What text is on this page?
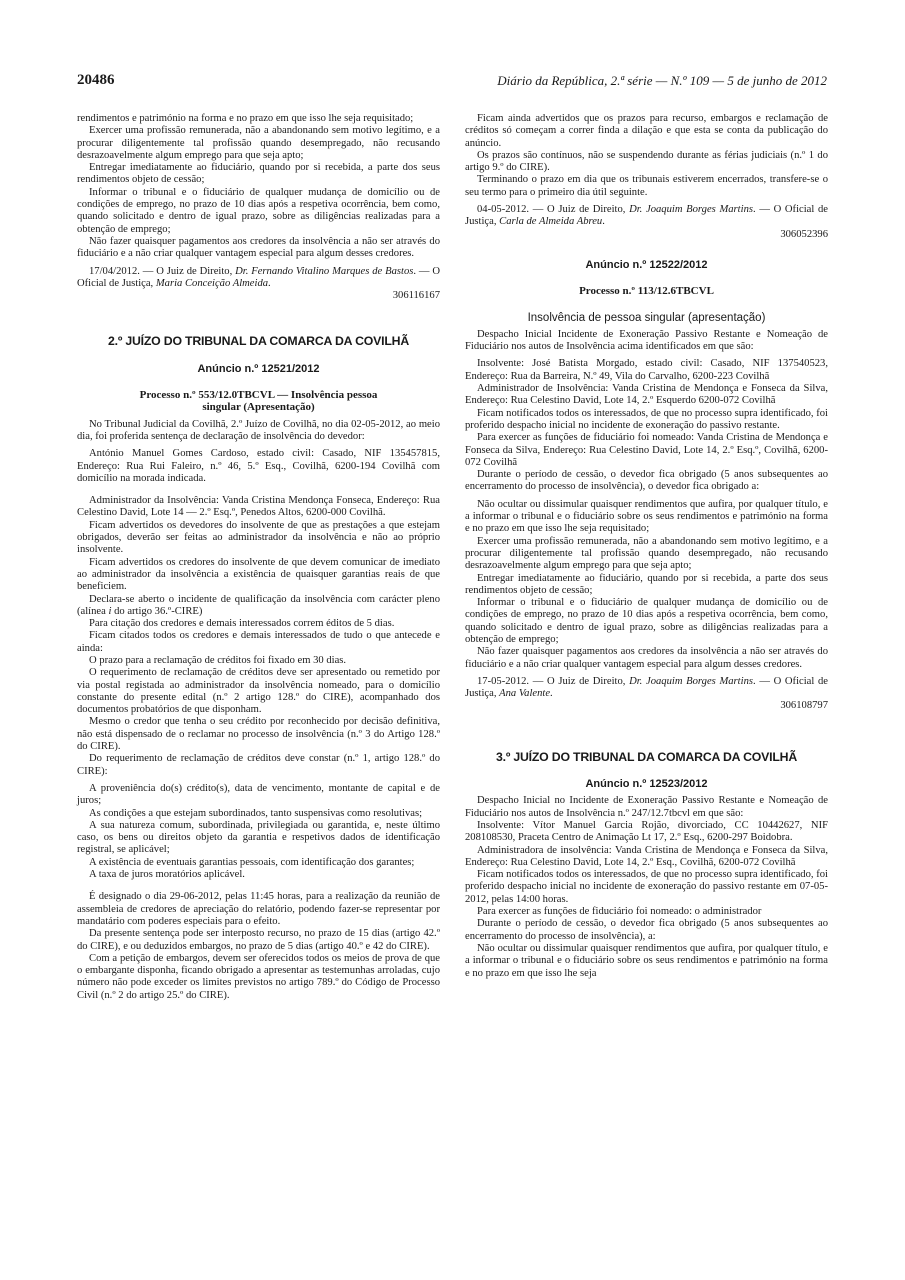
20486	Diário da República, 2.ª série — N.º 109 — 5 de junho de 2012

rendimentos e património na forma e no prazo em que isso lhe seja requisitado;

Exercer uma profissão remunerada, não a abandonando sem motivo legítimo, e a procurar diligentemente tal profissão quando desempregado, não recusando desrazoavelmente algum emprego para que seja apto;

Entregar imediatamente ao fiduciário, quando por si recebida, a parte dos seus rendimentos objeto de cessão;

Informar o tribunal e o fiduciário de qualquer mudança de domicílio ou de condições de emprego, no prazo de 10 dias após a respetiva ocorrência, bem como, quando solicitado e dentro de igual prazo, sobre as diligências realizadas para a obtenção de emprego;

Não fazer quaisquer pagamentos aos credores da insolvência a não ser através do fiduciário e a não criar qualquer vantagem especial para algum desses credores.

17/04/2012. — O Juiz de Direito, Dr. Fernando Vitalino Marques de Bastos. — O Oficial de Justiça, Maria Conceição Almeida.

306116167

2.º JUÍZO DO TRIBUNAL DA COMARCA DA COVILHÃ

Anúncio n.º 12521/2012

Processo n.º 553/12.0TBCVL — Insolvência pessoa

singular (Apresentação)

No Tribunal Judicial da Covilhã, 2.º Juízo de Covilhã, no dia 02-05-2012, ao meio dia, foi proferida sentença de declaração de insolvência do devedor:

António Manuel Gomes Cardoso, estado civil: Casado, NIF 135457815, Endereço: Rua Rui Faleiro, n.º 46, 5.º Esq., Covilhã, 6200-194 Covilhã com domicílio na morada indicada.

Administrador da Insolvência: Vanda Cristina Mendonça Fonseca, Endereço: Rua Celestino David, Lote 14 — 2.º Esq.º, Penedos Altos, 6200-000 Covilhã.

Ficam advertidos os devedores do insolvente de que as prestações a que estejam obrigados, deverão ser feitas ao administrador da insolvência e não ao próprio insolvente.

Ficam advertidos os credores do insolvente de que devem comunicar de imediato ao administrador da insolvência a existência de quaisquer garantias reais de que beneficiem.

Declara-se aberto o incidente de qualificação da insolvência com carácter pleno (alínea i do artigo 36.º-CIRE)

Para citação dos credores e demais interessados correm éditos de 5 dias.

Ficam citados todos os credores e demais interessados de tudo o que antecede e ainda:

O prazo para a reclamação de créditos foi fixado em 30 dias.

O requerimento de reclamação de créditos deve ser apresentado ou remetido por via postal registada ao administrador da insolvência nomeado, para o domicílio constante do presente edital (n.º 2 artigo 128.º do CIRE), acompanhado dos documentos probatórios de que disponham.

Mesmo o credor que tenha o seu crédito por reconhecido por decisão definitiva, não está dispensado de o reclamar no processo de insolvência (n.º 3 do Artigo 128.º do CIRE).

Do requerimento de reclamação de créditos deve constar (n.º 1, artigo 128.º do CIRE):

A proveniência do(s) crédito(s), data de vencimento, montante de capital e de juros;

As condições a que estejam subordinados, tanto suspensivas como resolutivas;

A sua natureza comum, subordinada, privilegiada ou garantida, e, neste último caso, os bens ou direitos objeto da garantia e respetivos dados de identificação registral, se aplicável;

A existência de eventuais garantias pessoais, com identificação dos garantes;

A taxa de juros moratórios aplicável.

É designado o dia 29-06-2012, pelas 11:45 horas, para a realização da reunião de assembleia de credores de apreciação do relatório, podendo fazer-se representar por mandatário com poderes especiais para o efeito.

Da presente sentença pode ser interposto recurso, no prazo de 15 dias (artigo 42.º do CIRE), e ou deduzidos embargos, no prazo de 5 dias (artigo 40.º e 42 do CIRE).

Com a petição de embargos, devem ser oferecidos todos os meios de prova de que o embargante disponha, ficando obrigado a apresentar as testemunhas arroladas, cujo número não pode exceder os limites previstos no artigo 789.º do Código de Processo Civil (n.º 2 do artigo 25.º do CIRE).

Ficam ainda advertidos que os prazos para recurso, embargos e reclamação de créditos só começam a correr finda a dilação e que esta se conta da publicação do anúncio.

Os prazos são contínuos, não se suspendendo durante as férias judiciais (n.º 1 do artigo 9.º do CIRE).

Terminando o prazo em dia que os tribunais estiverem encerrados, transfere-se o seu termo para o primeiro dia útil seguinte.

04-05-2012. — O Juiz de Direito, Dr. Joaquim Borges Martins. — O Oficial de Justiça, Carla de Almeida Abreu.

306052396

Anúncio n.º 12522/2012

Processo n.º 113/12.6TBCVL

Insolvência de pessoa singular (apresentação)

Despacho Inicial Incidente de Exoneração Passivo Restante e Nomeação de Fiduciário nos autos de Insolvência acima identificados em que são:

Insolvente: José Batista Morgado, estado civil: Casado, NIF 137540523, Endereço: Rua da Barreira, N.º 49, Vila do Carvalho, 6200-223 Covilhã

Administrador de Insolvência: Vanda Cristina de Mendonça e Fonseca da Silva, Endereço: Rua Celestino David, Lote 14, 2.º Esquerdo 6200-072 Covilhã

Ficam notificados todos os interessados, de que no processo supra identificado, foi proferido despacho inicial no incidente de exoneração do passivo restante.

Para exercer as funções de fiduciário foi nomeado: Vanda Cristina de Mendonça e Fonseca da Silva, Endereço: Rua Celestino David, Lote 14, 2.º Esq.º, Covilhã, 6200-072 Covilhã

Durante o período de cessão, o devedor fica obrigado (5 anos subsequentes ao encerramento do processo de insolvência), o devedor fica obrigado a:

Não ocultar ou dissimular quaisquer rendimentos que aufira, por qualquer título, e a informar o tribunal e o fiduciário sobre os seus rendimentos e património na forma e no prazo em que isso lhe seja requisitado;

Exercer uma profissão remunerada, não a abandonando sem motivo legítimo, e a procurar diligentemente tal profissão quando desempregado, não recusando desrazoavelmente algum emprego para que seja apto;

Entregar imediatamente ao fiduciário, quando por si recebida, a parte dos seus rendimentos objeto de cessão;

Informar o tribunal e o fiduciário de qualquer mudança de domicílio ou de condições de emprego, no prazo de 10 dias após a respetiva ocorrência, bem como, quando solicitado e dentro de igual prazo, sobre as diligências realizadas para a obtenção de emprego;

Não fazer quaisquer pagamentos aos credores da insolvência a não ser através do fiduciário e a não criar qualquer vantagem especial para algum desses credores.

17-05-2012. — O Juiz de Direito, Dr. Joaquim Borges Martins. — O Oficial de Justiça, Ana Valente.

306108797

3.º JUÍZO DO TRIBUNAL DA COMARCA DA COVILHÃ

Anúncio n.º 12523/2012

Despacho Inicial no Incidente de Exoneração Passivo Restante e Nomeação de Fiduciário nos autos de Insolvência n.º 247/12.7tbcvl em que são:

Insolvente: Vítor Manuel Garcia Rojão, divorciado, CC 10442627, NIF 208108530, Praceta Centro de Animação Lt 17, 2.º Esq., 6200-297 Boidobra.

Administradora de insolvência: Vanda Cristina de Mendonça e Fonseca da Silva, Endereço: Rua Celestino David, Lote 14, 2.º Esq., Covilhã, 6200-072 Covilhã

Ficam notificados todos os interessados, de que no processo supra identificado, foi proferido despacho inicial no incidente de exoneração do passivo restante em 07-05-2012, pelas 14:00 horas.

Para exercer as funções de fiduciário foi nomeado: o administrador

Durante o período de cessão, o devedor fica obrigado (5 anos subsequentes ao encerramento do processo de insolvência), a:

Não ocultar ou dissimular quaisquer rendimentos que aufira, por qualquer título, e a informar o tribunal e o fiduciário sobre os seus rendimentos e património na forma e no prazo em que isso lhe seja
